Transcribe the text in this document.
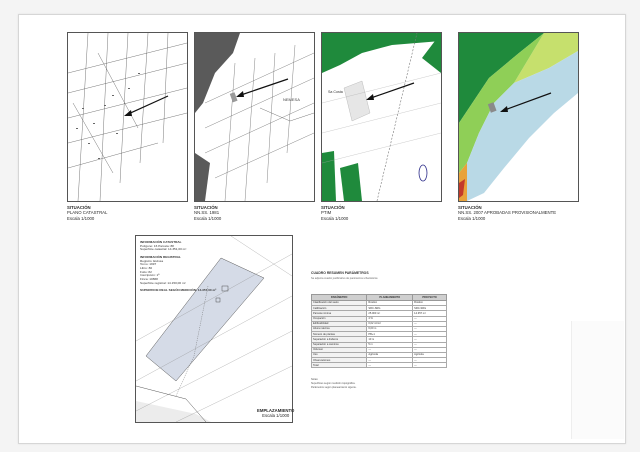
SITUACIÓN
PLANO CATASTRAL
Escala 1/1000
NEMESA
SITUACIÓN
NN.SS. 1981
Escala 1/1000
Sa Costa
SITUACIÓN
PTIM
Escala 1/1000
SITUACIÓN
NN.SS. 2007 APROBADAS PROVISIONALMENTE
Escala 1/1000
INFORMACIÓN CATASTRAL
Polígono: 16 Parcela: 88
Superficie catastral: 14.351,00 m²
INFORMACIÓN REGISTRAL
Registro: Eivissa
Tomo: 1997
Libro: 80
Folio: 82
Inscripción: 1ª
Finca: 10868
Superficie registral: 14.150,00 m²
SUPERFICIE REAL SEGÚN MEDICIÓN: 14.357,00 m²
EMPLAZAMIENTO
Escala 1/1000
CUADRO RESUMEN PARÁMETROS
Se adjunta cuadro justificativo de parámetros urbanísticos
PARÁMETRO	PLANEAMIENTO	PROYECTO
Clasificación del suelo	Rústico	Rústico
Calificación	SRC-SRG	SRC-SRG
Parcela mínima	25.000 m²	14.357 m²
Ocupación	4 %	—
Edificabilidad	0,02 m²/m²	—
Altura máxima	6,00 m	—
Número de plantas	PB+1	—
Separación a linderos	10 m	—
Separación a caminos	5 m	—
Volumen	—	—
Uso	Agrícola	Agrícola
Observaciones	—	—
Total	—	—
Notas:
Superficies según medición topográfica.
Parámetros según planeamiento vigente.
